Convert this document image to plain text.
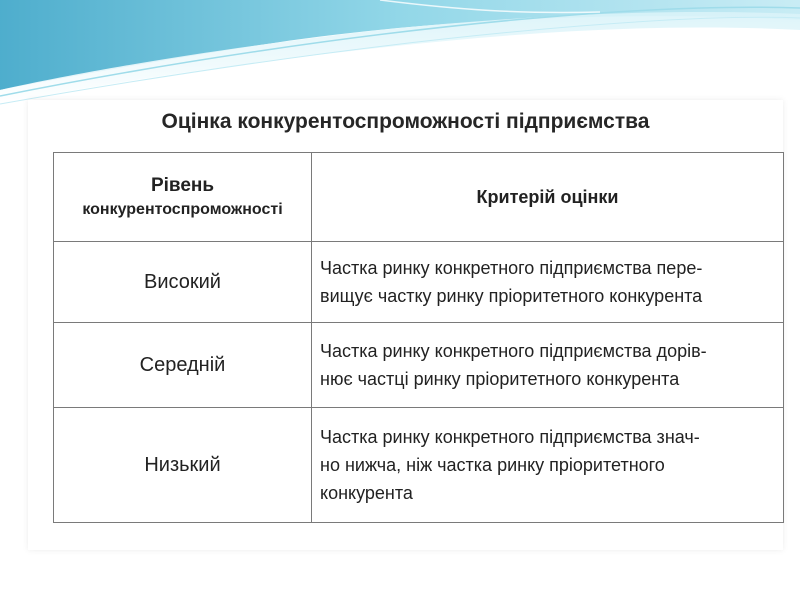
Оцінка конкурентоспроможності підприємства
Рівень
конкурентоспроможності	Критерій оцінки
Високий	Частка ринку конкретного підприємства пере-
вищує частку ринку пріоритетного конкурента

Середній	Частка ринку конкретного підприємства дорів-
нює частці ринку пріоритетного конкурента

Низький	Частка ринку конкретного підприємства знач-
но нижча, ніж частка ринку пріоритетного
конкурента
